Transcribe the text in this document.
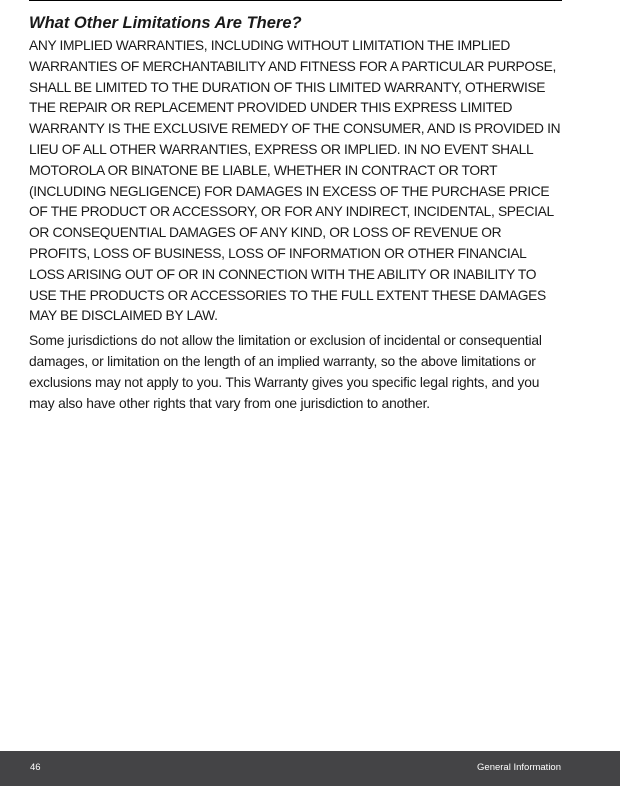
What Other Limitations Are There?

ANY IMPLIED WARRANTIES, INCLUDING WITHOUT LIMITATION THE IMPLIED WARRANTIES OF MERCHANTABILITY AND FITNESS FOR A PARTICULAR PURPOSE, SHALL BE LIMITED TO THE DURATION OF THIS LIMITED WARRANTY, OTHERWISE THE REPAIR OR REPLACEMENT PROVIDED UNDER THIS EXPRESS LIMITED WARRANTY IS THE EXCLUSIVE REMEDY OF THE CONSUMER, AND IS PROVIDED IN LIEU OF ALL OTHER WARRANTIES, EXPRESS OR IMPLIED. IN NO EVENT SHALL MOTOROLA OR BINATONE BE LIABLE, WHETHER IN CONTRACT OR TORT (INCLUDING NEGLIGENCE) FOR DAMAGES IN EXCESS OF THE PURCHASE PRICE OF THE PRODUCT OR ACCESSORY, OR FOR ANY INDIRECT, INCIDENTAL, SPECIAL OR CONSEQUENTIAL DAMAGES OF ANY KIND, OR LOSS OF REVENUE OR PROFITS, LOSS OF BUSINESS, LOSS OF INFORMATION OR OTHER FINANCIAL LOSS ARISING OUT OF OR IN CONNECTION WITH THE ABILITY OR INABILITY TO USE THE PRODUCTS OR ACCESSORIES TO THE FULL EXTENT THESE DAMAGES MAY BE DISCLAIMED BY LAW.

Some jurisdictions do not allow the limitation or exclusion of incidental or consequential damages, or limitation on the length of an implied warranty, so the above limitations or exclusions may not apply to you. This Warranty gives you specific legal rights, and you may also have other rights that vary from one jurisdiction to another.

46	General Information
